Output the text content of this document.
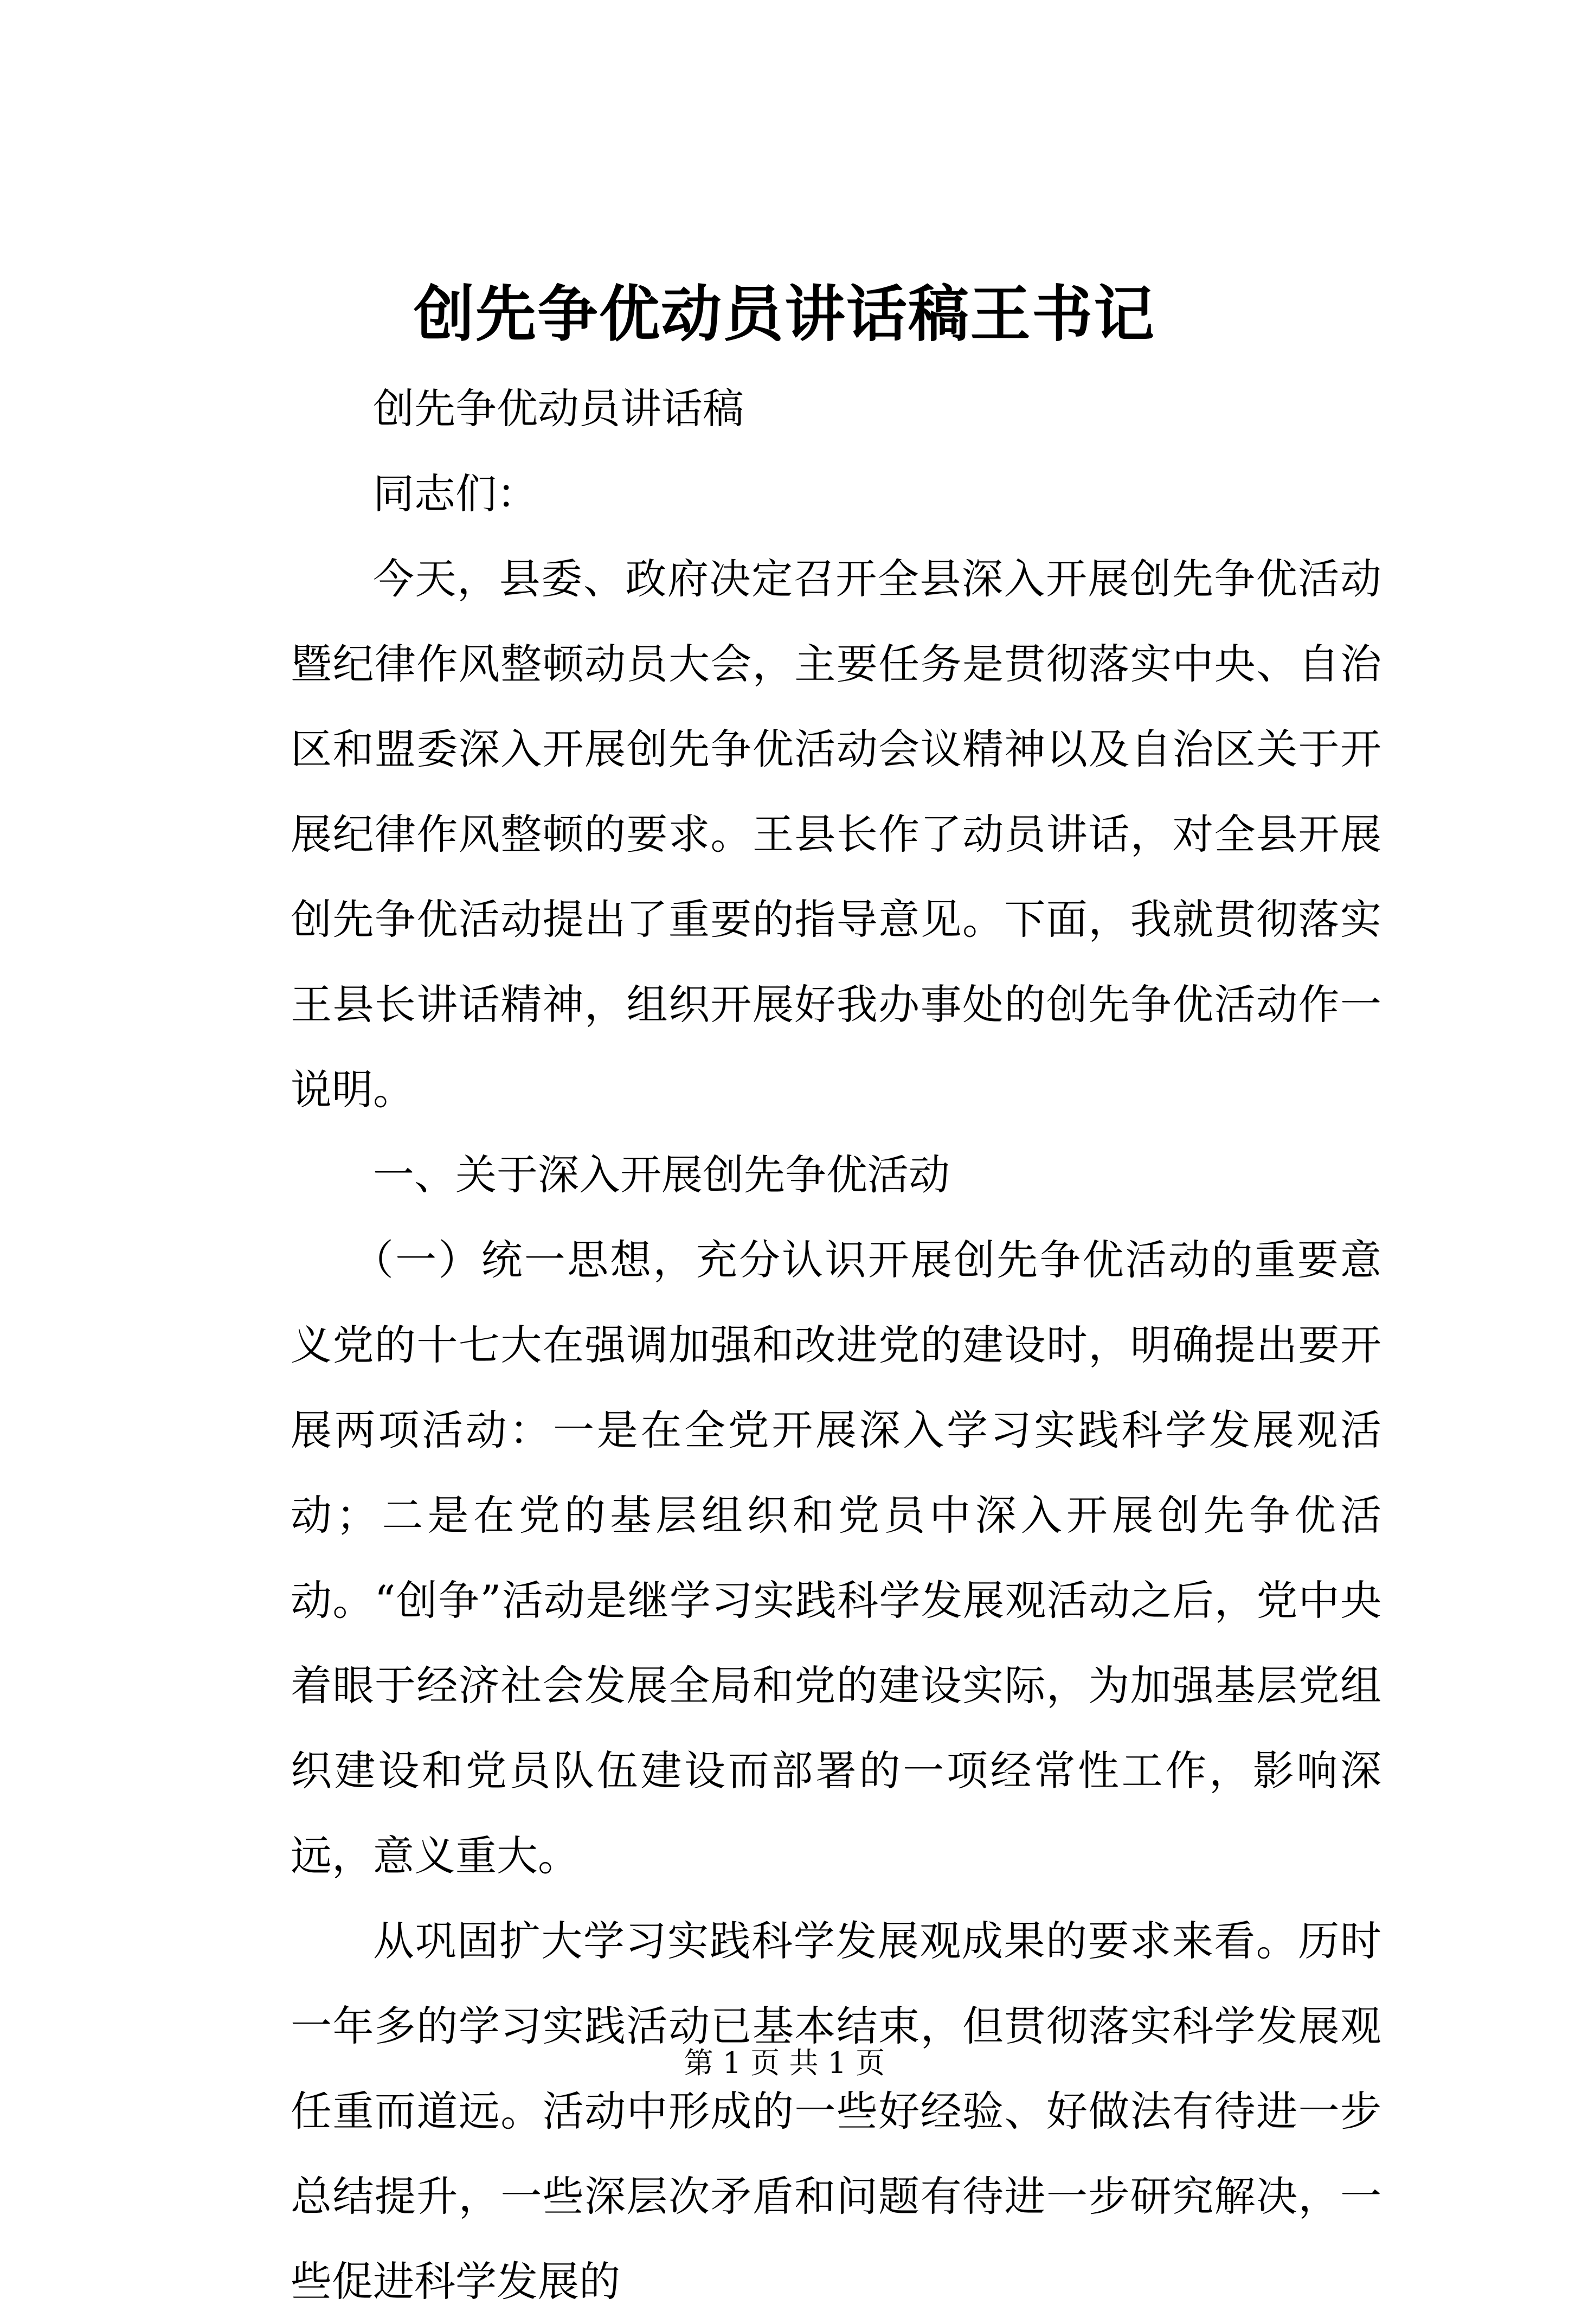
创先争优动员讲话稿王书记

创先争优动员讲话稿

同志们：

今天，县委、政府决定召开全县深入开展创先争优活动暨纪律作风整顿动员大会，主要任务是贯彻落实中央、自治区和盟委深入开展创先争优活动会议精神以及自治区关于开展纪律作风整顿的要求。王县长作了动员讲话，对全县开展创先争优活动提出了重要的指导意见。下面，我就贯彻落实王县长讲话精神，组织开展好我办事处的创先争优活动作一说明。

一、关于深入开展创先争优活动

（一）统一思想，充分认识开展创先争优活动的重要意义党的十七大在强调加强和改进党的建设时，明确提出要开展两项活动：一是在全党开展深入学习实践科学发展观活动；二是在党的基层组织和党员中深入开展创先争优活动。“创争”活动是继学习实践科学发展观活动之后，党中央着眼于经济社会发展全局和党的建设实际，为加强基层党组织建设和党员队伍建设而部署的一项经常性工作，影响深远，意义重大。

从巩固扩大学习实践科学发展观成果的要求来看。历时一年多的学习实践活动已基本结束，但贯彻落实科学发展观任重而道远。活动中形成的一些好经验、好做法有待进一步总结提升，一些深层次矛盾和问题有待进一步研究解决，一些促进科学发展的

第 1 页 共 1 页
